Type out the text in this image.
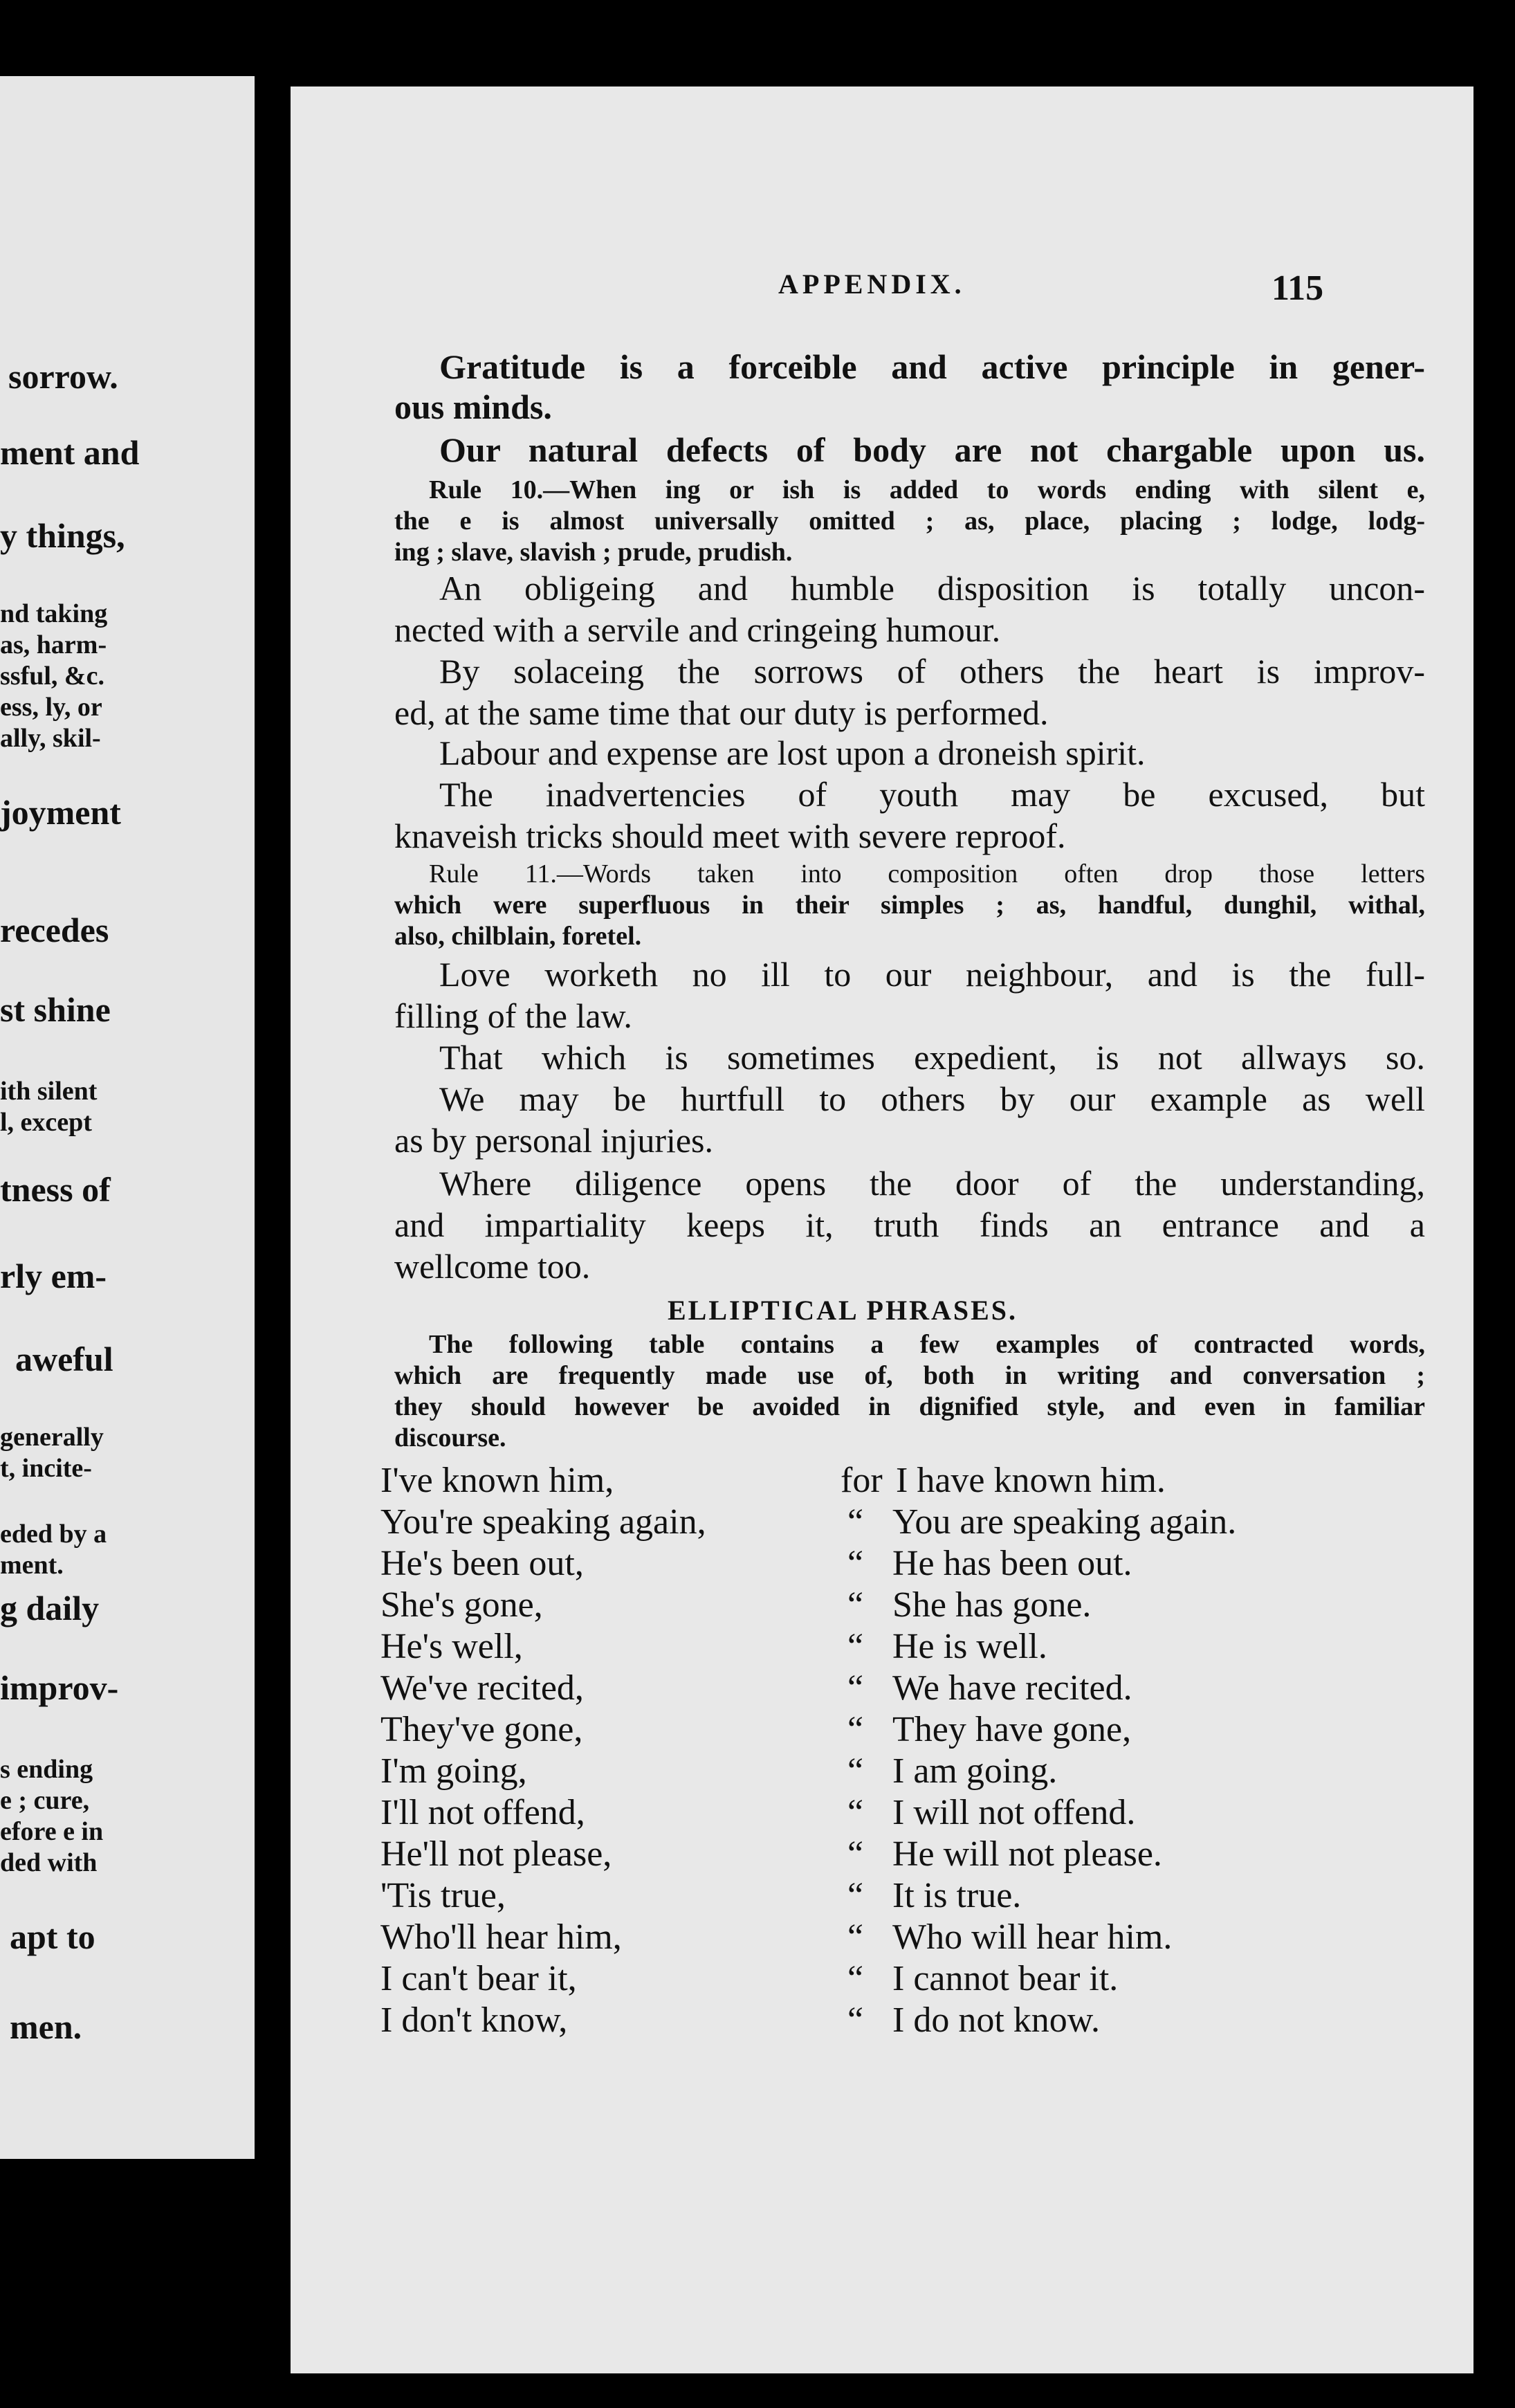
sorrow.
ment and
y things,
nd taking
as, harm-
ssful, &c.
ess, ly, or
ally, skil-
joyment
recedes
st shine
ith silent
l, except
tness of
rly em-
aweful
generally
t, incite-
eded by a
ment.
g daily
improv-
s ending
e ; cure,
efore e in
ded with
apt to
men.
APPENDIX.	115
Gratitude is a forceible and active principle in gener-
ous minds.
Our natural defects of body are not chargable upon us.
Rule 10.—When ing or ish is added to words ending with silent e,
the e is almost universally omitted ; as, place, placing ; lodge, lodg-
ing ; slave, slavish ; prude, prudish.
An obligeing and humble disposition is totally uncon-
nected with a servile and cringeing humour.
By solaceing the sorrows of others the heart is improv-
ed, at the same time that our duty is performed.
Labour and expense are lost upon a droneish spirit.
The inadvertencies of youth may be excused, but
knaveish tricks should meet with severe reproof.
Rule 11.—Words taken into composition often drop those letters
which were superfluous in their simples ; as, handful, dunghil, withal,
also, chilblain, foretel.
Love worketh no ill to our neighbour, and is the full-
filling of the law.
That which is sometimes expedient, is not allways so.
We may be hurtfull to others by our example as well
as by personal injuries.
Where diligence opens the door of the understanding,
and impartiality keeps it, truth finds an entrance and a
wellcome too.
ELLIPTICAL PHRASES.
The following table contains a few examples of contracted words,
which are frequently made use of, both in writing and conversation ;
they should however be avoided in dignified style, and even in familiar
discourse.
I've known him,	for I have known him.
You're speaking again,	“ You are speaking again.
He's been out,	“ He has been out.
She's gone,	“ She has gone.
He's well,	“ He is well.
We've recited,	“ We have recited.
They've gone,	“ They have gone,
I'm going,	“ I am going.
I'll not offend,	“ I will not offend.
He'll not please,	“ He will not please.
'Tis true,	“ It is true.
Who'll hear him,	“ Who will hear him.
I can't bear it,	“ I cannot bear it.
I don't know,	“ I do not know.
